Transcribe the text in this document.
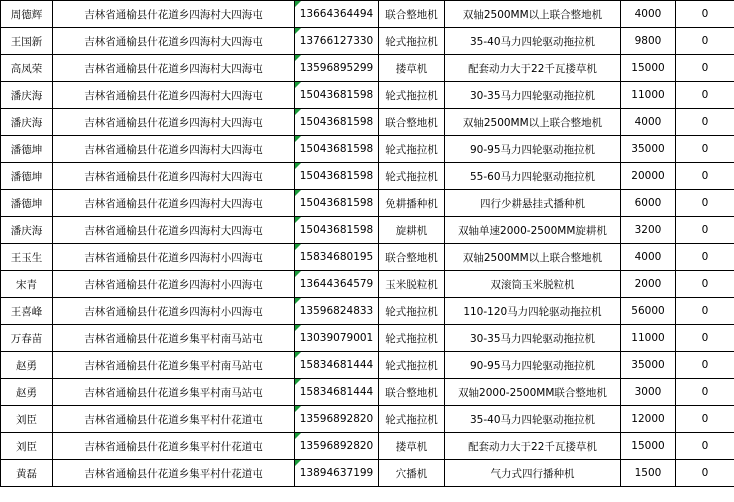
周德辉	吉林省通榆县什花道乡四海村大四海屯	13664364494	联合整地机	双轴2500MM以上联合整地机	4000	0
王国新	吉林省通榆县什花道乡四海村大四海屯	13766127330	轮式拖拉机	35-40马力四轮驱动拖拉机	9800	0
高凤荣	吉林省通榆县什花道乡四海村大四海屯	13596895299	搂草机	配套动力大于22千瓦搂草机	15000	0
潘庆海	吉林省通榆县什花道乡四海村大四海屯	15043681598	轮式拖拉机	30-35马力四轮驱动拖拉机	11000	0
潘庆海	吉林省通榆县什花道乡四海村大四海屯	15043681598	联合整地机	双轴2500MM以上联合整地机	4000	0
潘德坤	吉林省通榆县什花道乡四海村大四海屯	15043681598	轮式拖拉机	90-95马力四轮驱动拖拉机	35000	0
潘德坤	吉林省通榆县什花道乡四海村大四海屯	15043681598	轮式拖拉机	55-60马力四轮驱动拖拉机	20000	0
潘德坤	吉林省通榆县什花道乡四海村大四海屯	15043681598	免耕播种机	四行少耕悬挂式播种机	6000	0
潘庆海	吉林省通榆县什花道乡四海村大四海屯	15043681598	旋耕机	双轴单速2000-2500MM旋耕机	3200	0
王玉生	吉林省通榆县什花道乡四海村小四海屯	15834680195	联合整地机	双轴2500MM以上联合整地机	4000	0
宋青	吉林省通榆县什花道乡四海村小四海屯	13644364579	玉米脱粒机	双滚筒玉米脱粒机	2000	0
王喜峰	吉林省通榆县什花道乡四海村小四海屯	13596824833	轮式拖拉机	110-120马力四轮驱动拖拉机	56000	0
万春苗	吉林省通榆县什花道乡集平村南马站屯	13039079001	轮式拖拉机	30-35马力四轮驱动拖拉机	11000	0
赵勇	吉林省通榆县什花道乡集平村南马站屯	15834681444	轮式拖拉机	90-95马力四轮驱动拖拉机	35000	0
赵勇	吉林省通榆县什花道乡集平村南马站屯	15834681444	联合整地机	双轴2000-2500MM联合整地机	3000	0
刘臣	吉林省通榆县什花道乡集平村什花道屯	13596892820	轮式拖拉机	35-40马力四轮驱动拖拉机	12000	0
刘臣	吉林省通榆县什花道乡集平村什花道屯	13596892820	搂草机	配套动力大于22千瓦搂草机	15000	0
黄磊	吉林省通榆县什花道乡集平村什花道屯	13894637199	穴播机	气力式四行播种机	1500	0
